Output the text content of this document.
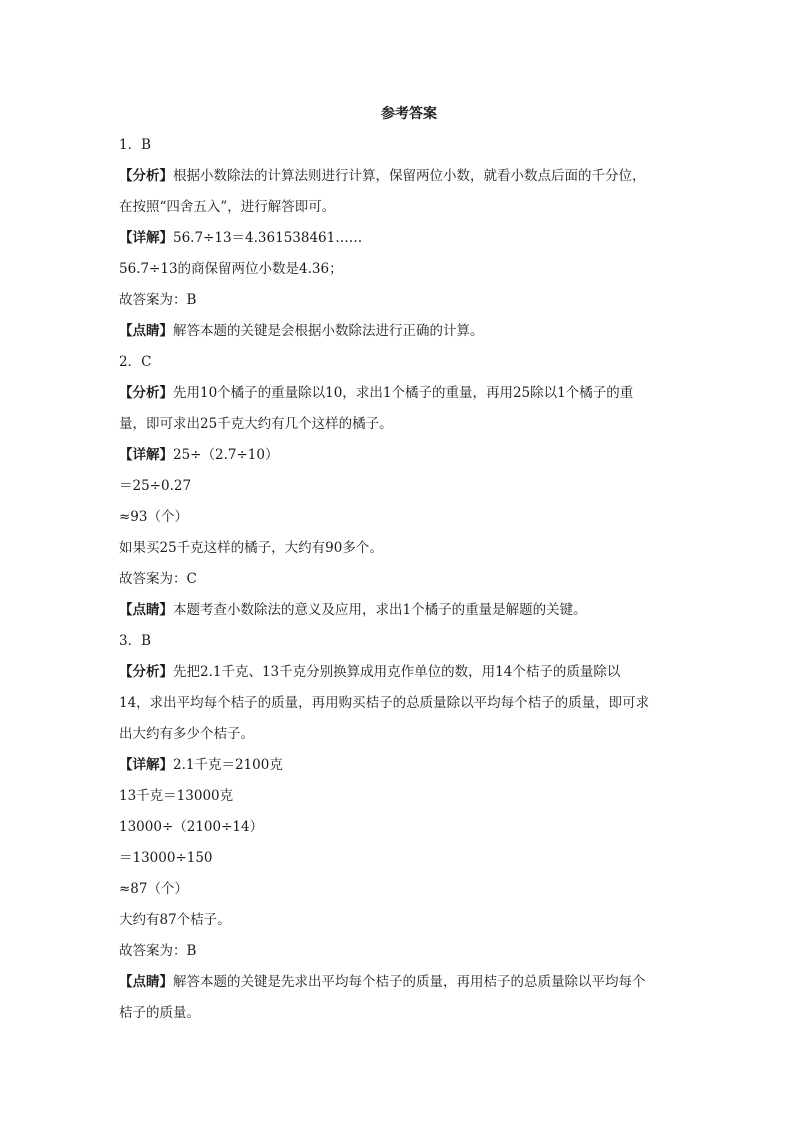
参考答案
1．B
【分析】根据小数除法的计算法则进行计算，保留两位小数，就看小数点后面的千分位，
在按照“四舍五入”，进行解答即可。
【详解】56.7÷13＝4.361538461……
56.7÷13的商保留两位小数是4.36；
故答案为：B
【点睛】解答本题的关键是会根据小数除法进行正确的计算。
2．C
【分析】先用10个橘子的重量除以10，求出1个橘子的重量，再用25除以1个橘子的重
量，即可求出25千克大约有几个这样的橘子。
【详解】25÷（2.7÷10）
＝25÷0.27
≈93（个）
如果买25千克这样的橘子，大约有90多个。
故答案为：C
【点睛】本题考查小数除法的意义及应用，求出1个橘子的重量是解题的关键。
3．B
【分析】先把2.1千克、13千克分别换算成用克作单位的数，用14个桔子的质量除以
14，求出平均每个桔子的质量，再用购买桔子的总质量除以平均每个桔子的质量，即可求
出大约有多少个桔子。
【详解】2.1千克＝2100克
13千克＝13000克
13000÷（2100÷14）
＝13000÷150
≈87（个）
大约有87个桔子。
故答案为：B
【点睛】解答本题的关键是先求出平均每个桔子的质量，再用桔子的总质量除以平均每个
桔子的质量。
